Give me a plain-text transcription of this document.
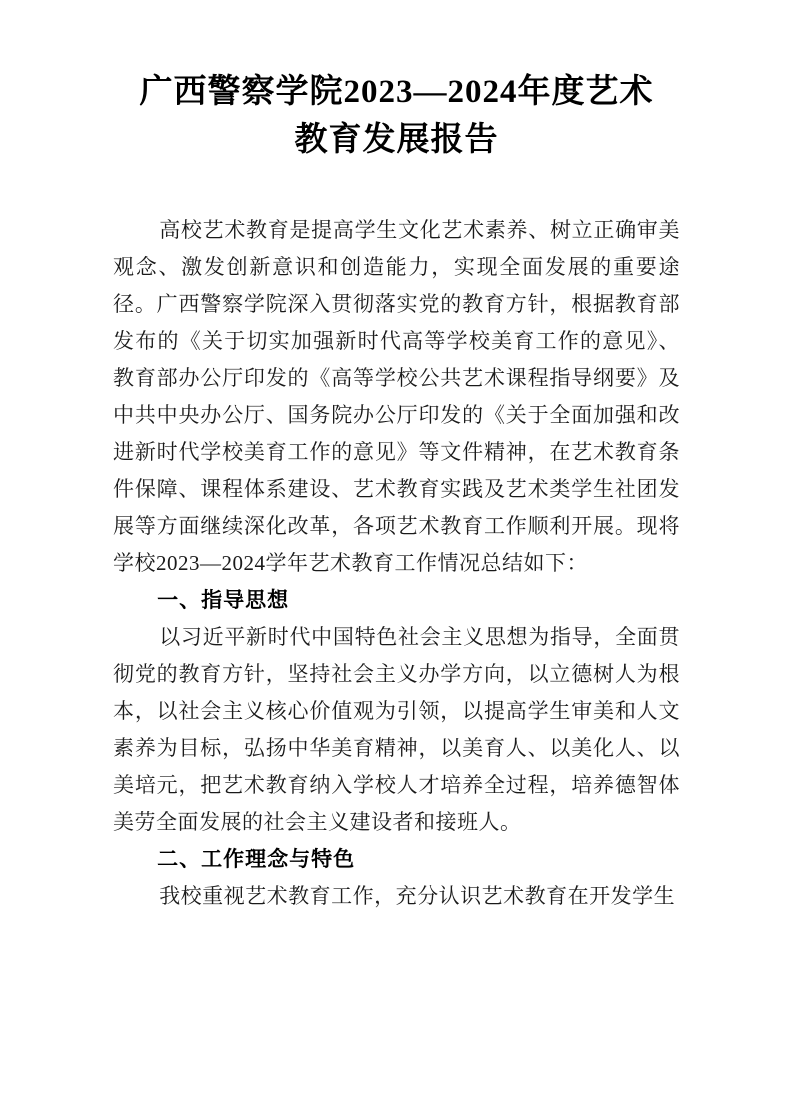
广西警察学院2023—2024年度艺术
教育发展报告

高校艺术教育是提高学生文化艺术素养、树立正确审美观念、激发创新意识和创造能力，实现全面发展的重要途径。广西警察学院深入贯彻落实党的教育方针，根据教育部发布的《关于切实加强新时代高等学校美育工作的意见》、教育部办公厅印发的《高等学校公共艺术课程指导纲要》及中共中央办公厅、国务院办公厅印发的《关于全面加强和改进新时代学校美育工作的意见》等文件精神，在艺术教育条件保障、课程体系建设、艺术教育实践及艺术类学生社团发展等方面继续深化改革，各项艺术教育工作顺利开展。现将学校2023—2024学年艺术教育工作情况总结如下：

一、指导思想

以习近平新时代中国特色社会主义思想为指导，全面贯彻党的教育方针，坚持社会主义办学方向，以立德树人为根本，以社会主义核心价值观为引领，以提高学生审美和人文素养为目标，弘扬中华美育精神，以美育人、以美化人、以美培元，把艺术教育纳入学校人才培养全过程，培养德智体美劳全面发展的社会主义建设者和接班人。

二、工作理念与特色

我校重视艺术教育工作，充分认识艺术教育在开发学生
